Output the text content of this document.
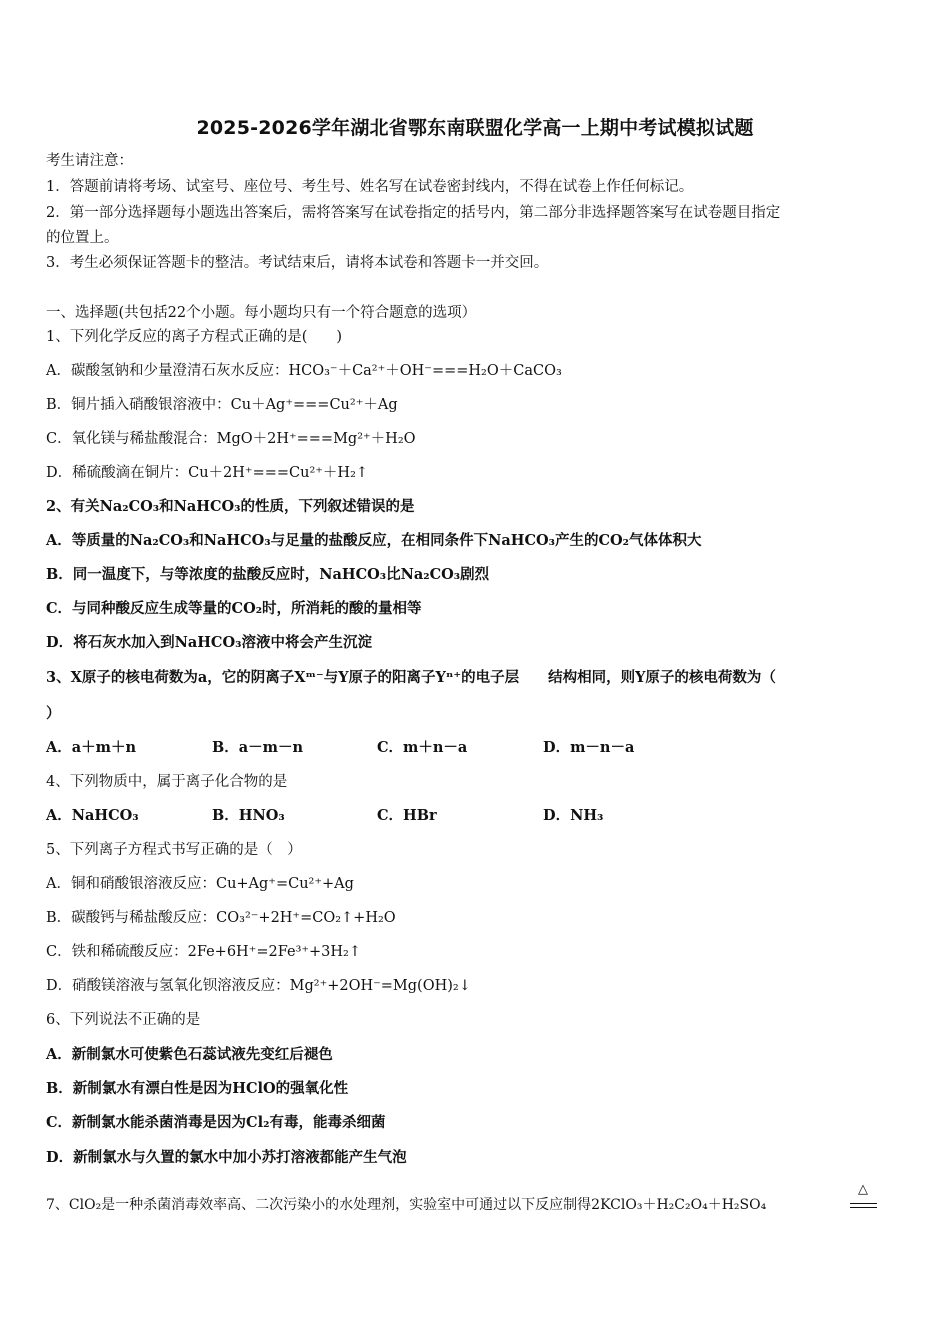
2025-2026学年湖北省鄂东南联盟化学高一上期中考试模拟试题
考生请注意：
1．答题前请将考场、试室号、座位号、考生号、姓名写在试卷密封线内，不得在试卷上作任何标记。
2．第一部分选择题每小题选出答案后，需将答案写在试卷指定的括号内，第二部分非选择题答案写在试卷题目指定
的位置上。
3．考生必须保证答题卡的整洁。考试结束后，请将本试卷和答题卡一并交回。
一、选择题(共包括22个小题。每小题均只有一个符合题意的选项）
1、下列化学反应的离子方程式正确的是(　　)
A．碳酸氢钠和少量澄清石灰水反应：HCO₃⁻＋Ca²⁺＋OH⁻===H₂O＋CaCO₃
B．铜片插入硝酸银溶液中：Cu＋Ag⁺===Cu²⁺＋Ag
C．氧化镁与稀盐酸混合：MgO＋2H⁺===Mg²⁺＋H₂O
D．稀硫酸滴在铜片：Cu＋2H⁺===Cu²⁺＋H₂↑
2、有关Na₂CO₃和NaHCO₃的性质，下列叙述错误的是
A．等质量的Na₂CO₃和NaHCO₃与足量的盐酸反应，在相同条件下NaHCO₃产生的CO₂气体体积大
B．同一温度下，与等浓度的盐酸反应时，NaHCO₃比Na₂CO₃剧烈
C．与同种酸反应生成等量的CO₂时，所消耗的酸的量相等
D．将石灰水加入到NaHCO₃溶液中将会产生沉淀
3、X原子的核电荷数为a，它的阴离子Xᵐ⁻与Y原子的阳离子Yⁿ⁺的电子层　　结构相同，则Y原子的核电荷数为（
）
A．a＋m＋n	B．a－m－n	C．m＋n－a	D．m－n－a
4、下列物质中，属于离子化合物的是
A．NaHCO₃	B．HNO₃	C．HBr	D．NH₃
5、下列离子方程式书写正确的是（　）
A．铜和硝酸银溶液反应：Cu+Ag⁺=Cu²⁺+Ag
B．碳酸钙与稀盐酸反应：CO₃²⁻+2H⁺=CO₂↑+H₂O
C．铁和稀硫酸反应：2Fe+6H⁺=2Fe³⁺+3H₂↑
D．硝酸镁溶液与氢氧化钡溶液反应：Mg²⁺+2OH⁻=Mg(OH)₂↓
6、下列说法不正确的是
A．新制氯水可使紫色石蕊试液先变红后褪色
B．新制氯水有漂白性是因为HClO的强氧化性
C．新制氯水能杀菌消毒是因为Cl₂有毒，能毒杀细菌
D．新制氯水与久置的氯水中加小苏打溶液都能产生气泡
7、ClO₂是一种杀菌消毒效率高、二次污染小的水处理剂，实验室中可通过以下反应制得2KClO₃＋H₂C₂O₄＋H₂SO₄
△
